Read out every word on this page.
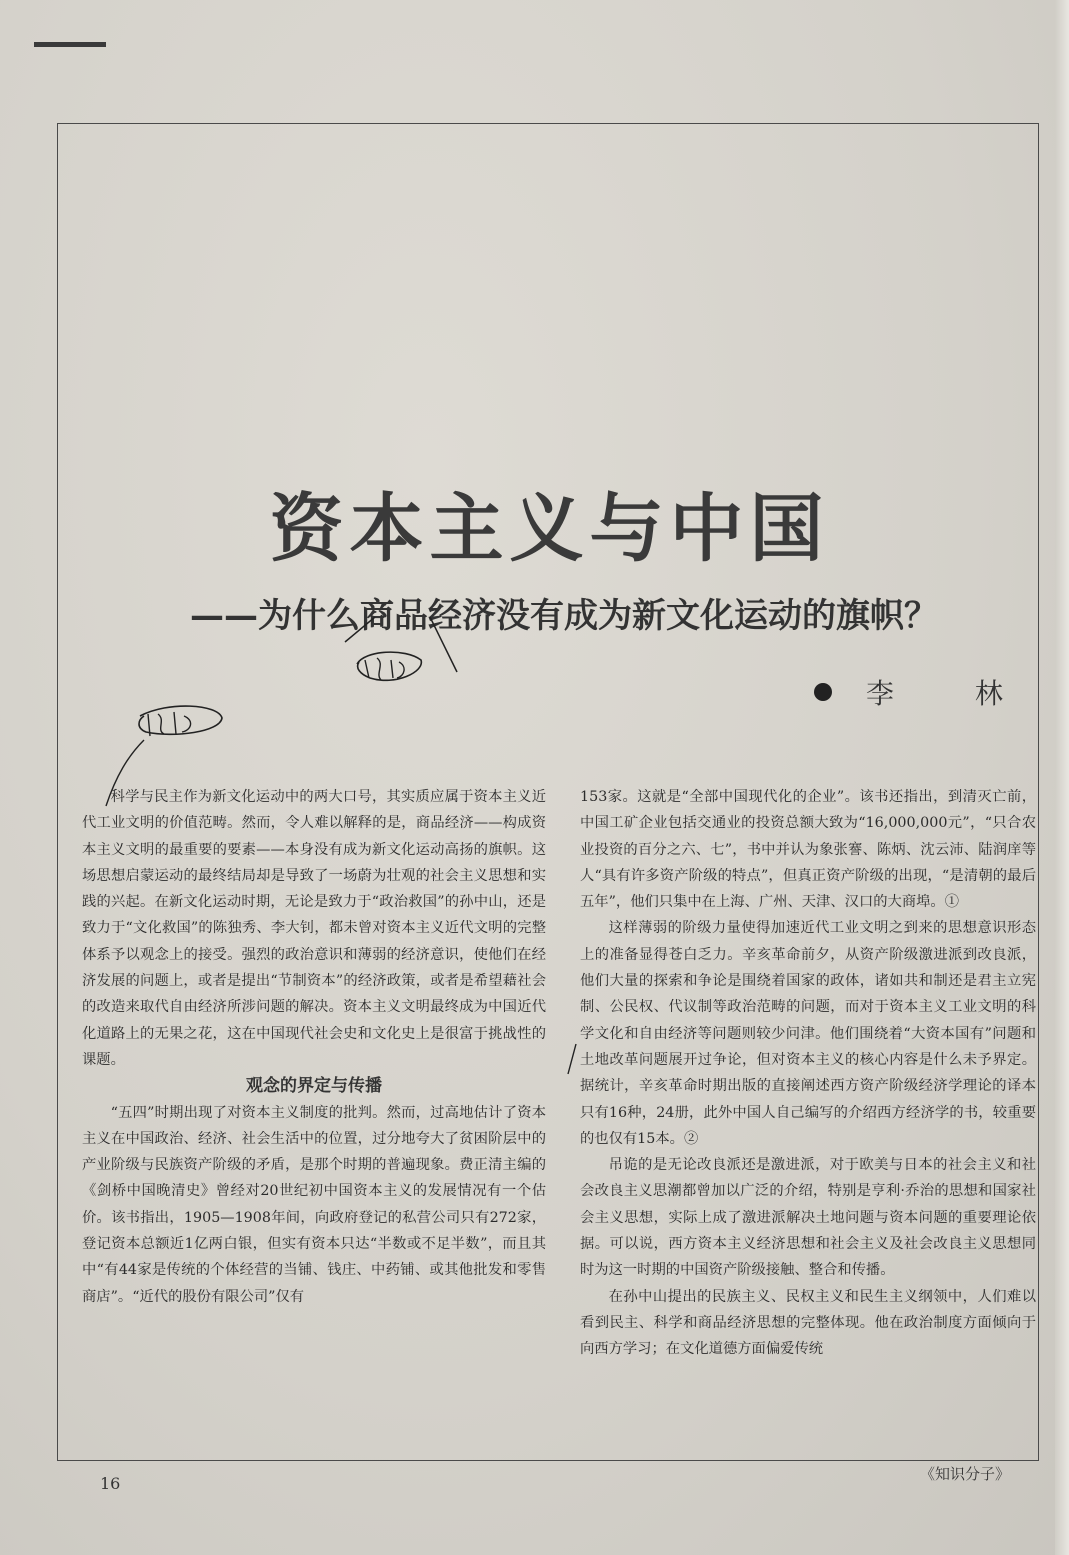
资本主义与中国
——为什么商品经济没有成为新文化运动的旗帜？
李 林

科学与民主作为新文化运动中的两大口号，其实质应属于资本主义近代工业文明的价值范畴。然而，令人难以解释的是，商品经济——构成资本主义文明的最重要的要素——本身没有成为新文化运动高扬的旗帜。这场思想启蒙运动的最终结局却是导致了一场蔚为壮观的社会主义思想和实践的兴起。在新文化运动时期，无论是致力于“政治救国”的孙中山，还是致力于“文化救国”的陈独秀、李大钊，都未曾对资本主义近代文明的完整体系予以观念上的接受。强烈的政治意识和薄弱的经济意识，使他们在经济发展的问题上，或者是提出“节制资本”的经济政策，或者是希望藉社会的改造来取代自由经济所涉问题的解决。资本主义文明最终成为中国近代化道路上的无果之花，这在中国现代社会史和文化史上是很富于挑战性的课题。

观念的界定与传播

“五四”时期出现了对资本主义制度的批判。然而，过高地估计了资本主义在中国政治、经济、社会生活中的位置，过分地夸大了贫困阶层中的产业阶级与民族资产阶级的矛盾，是那个时期的普遍现象。费正清主编的《剑桥中国晚清史》曾经对20世纪初中国资本主义的发展情况有一个估价。该书指出，1905—1908年间，向政府登记的私营公司只有272家，登记资本总额近1亿两白银，但实有资本只达“半数或不足半数”，而且其中“有44家是传统的个体经营的当铺、钱庄、中药铺、或其他批发和零售商店”。“近代的股份有限公司”仅有

153家。这就是“全部中国现代化的企业”。该书还指出，到清灭亡前，中国工矿企业包括交通业的投资总额大致为“16,000,000元”，“只合农业投资的百分之六、七”，书中并认为象张謇、陈炳、沈云沛、陆润庠等人“具有许多资产阶级的特点”，但真正资产阶级的出现，“是清朝的最后五年”，他们只集中在上海、广州、天津、汉口的大商埠。①

这样薄弱的阶级力量使得加速近代工业文明之到来的思想意识形态上的准备显得苍白乏力。辛亥革命前夕，从资产阶级激进派到改良派，他们大量的探索和争论是围绕着国家的政体，诸如共和制还是君主立宪制、公民权、代议制等政治范畴的问题，而对于资本主义工业文明的科学文化和自由经济等问题则较少问津。他们围绕着“大资本国有”问题和土地改革问题展开过争论，但对资本主义的核心内容是什么未予界定。据统计，辛亥革命时期出版的直接阐述西方资产阶级经济学理论的译本只有16种，24册，此外中国人自己编写的介绍西方经济学的书，较重要的也仅有15本。②

吊诡的是无论改良派还是激进派，对于欧美与日本的社会主义和社会改良主义思潮都曾加以广泛的介绍，特别是亨利·乔治的思想和国家社会主义思想，实际上成了激进派解决土地问题与资本问题的重要理论依据。可以说，西方资本主义经济思想和社会主义及社会改良主义思想同时为这一时期的中国资产阶级接触、整合和传播。

在孙中山提出的民族主义、民权主义和民生主义纲领中，人们难以看到民主、科学和商品经济思想的完整体现。他在政治制度方面倾向于向西方学习；在文化道德方面偏爱传统

16	《知识分子》
